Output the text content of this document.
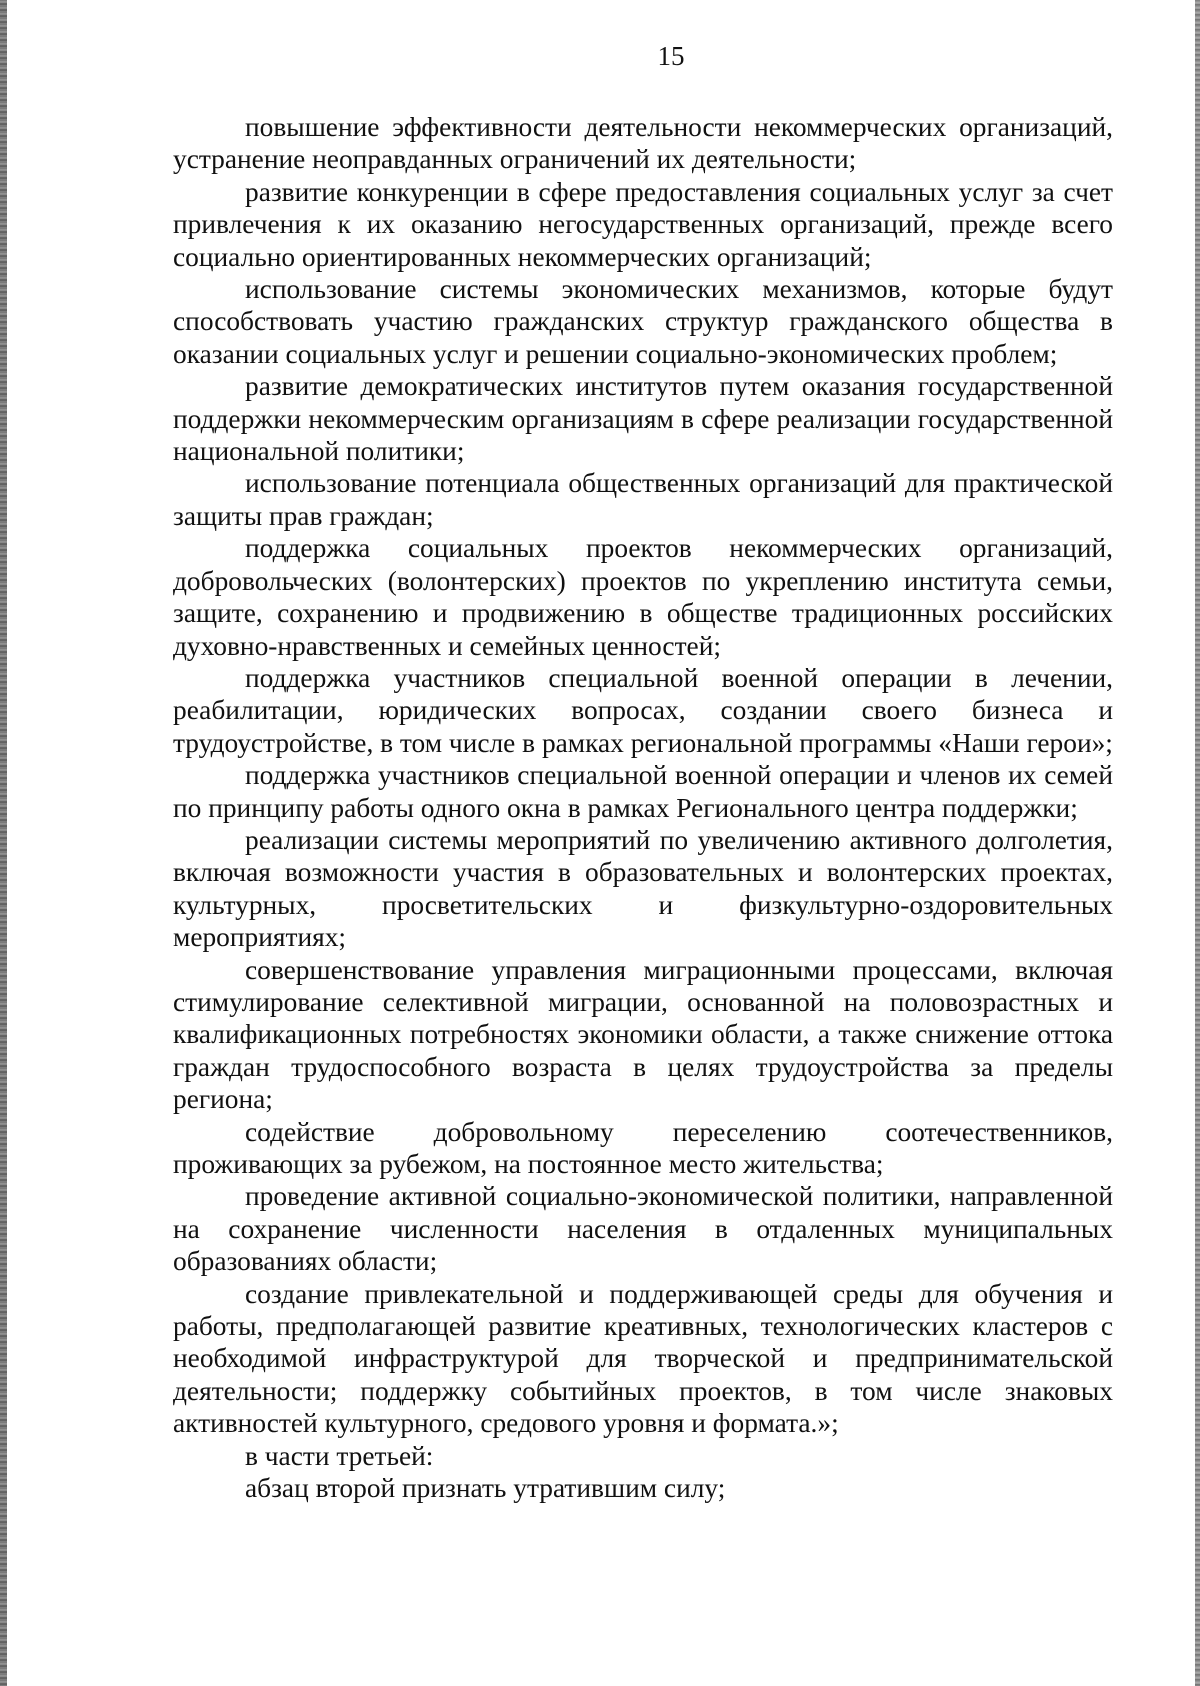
15

повышение эффективности деятельности некоммерческих организаций, устранение неоправданных ограничений их деятельности;

развитие конкуренции в сфере предоставления социальных услуг за счет привлечения к их оказанию негосударственных организаций, прежде всего социально ориентированных некоммерческих организаций;

использование системы экономических механизмов, которые будут способствовать участию гражданских структур гражданского общества в оказании социальных услуг и решении социально-экономических проблем;

развитие демократических институтов путем оказания государственной поддержки некоммерческим организациям в сфере реализации государственной национальной политики;

использование потенциала общественных организаций для практической защиты прав граждан;

поддержка социальных проектов некоммерческих организаций, добровольческих (волонтерских) проектов по укреплению института семьи, защите, сохранению и продвижению в обществе традиционных российских духовно-нравственных и семейных ценностей;

поддержка участников специальной военной операции в лечении, реабилитации, юридических вопросах, создании своего бизнеса и трудоустройстве, в том числе в рамках региональной программы «Наши герои»;

поддержка участников специальной военной операции и членов их семей по принципу работы одного окна в рамках Регионального центра поддержки;

реализации системы мероприятий по увеличению активного долголетия, включая возможности участия в образовательных и волонтерских проектах, культурных, просветительских и физкультурно-оздоровительных мероприятиях;

совершенствование управления миграционными процессами, включая стимулирование селективной миграции, основанной на половозрастных и квалификационных потребностях экономики области, а также снижение оттока граждан трудоспособного возраста в целях трудоустройства за пределы региона;

содействие добровольному переселению соотечественников, проживающих за рубежом, на постоянное место жительства;

проведение активной социально-экономической политики, направленной на сохранение численности населения в отдаленных муниципальных образованиях области;

создание привлекательной и поддерживающей среды для обучения и работы, предполагающей развитие креативных, технологических кластеров с необходимой инфраструктурой для творческой и предпринимательской деятельности; поддержку событийных проектов, в том числе знаковых активностей культурного, средового уровня и формата.»;

в части третьей:

абзац второй признать утратившим силу;
